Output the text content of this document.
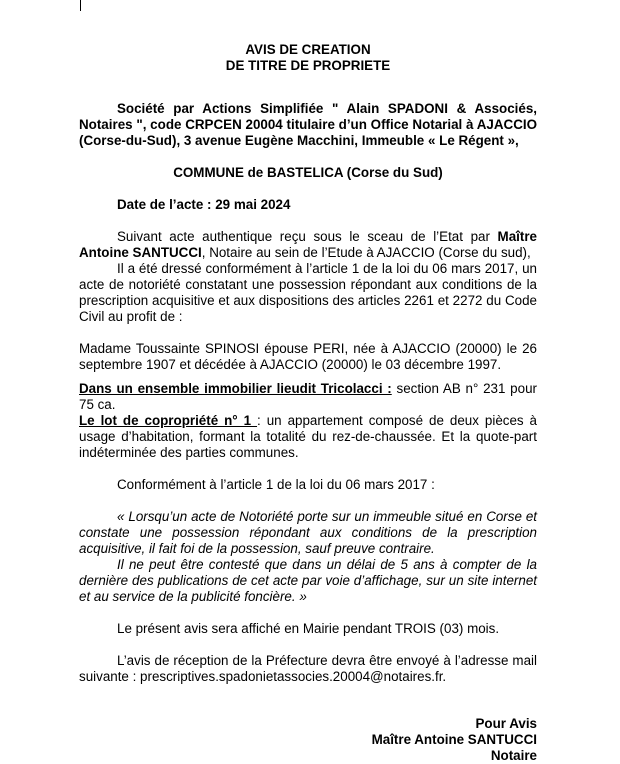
AVIS DE CREATION

DE TITRE DE PROPRIETE

Société par Actions Simplifiée " Alain SPADONI & Associés, Notaires ", code CRPCEN 20004 titulaire d’un Office Notarial à AJACCIO (Corse-du-Sud), 3 avenue Eugène Macchini, Immeuble « Le Régent »,

COMMUNE de BASTELICA (Corse du Sud)

Date de l’acte : 29 mai 2024

Suivant acte authentique reçu sous le sceau de l’Etat par Maître Antoine SANTUCCI, Notaire au sein de l’Etude à AJACCIO (Corse du sud),

Il a été dressé conformément à l’article 1 de la loi du 06 mars 2017, un acte de notoriété constatant une possession répondant aux conditions de la prescription acquisitive et aux dispositions des articles 2261 et 2272 du Code Civil au profit de :

Madame Toussainte SPINOSI épouse PERI, née à AJACCIO (20000) le 26 septembre 1907 et décédée à AJACCIO (20000) le 03 décembre 1997.

Dans un ensemble immobilier lieudit Tricolacci : section AB n° 231 pour 75 ca.

Le lot de copropriété n° 1 : un appartement composé de deux pièces à usage d’habitation, formant la totalité du rez-de-chaussée. Et la quote-part indéterminée des parties communes.

Conformément à l’article 1 de la loi du 06 mars 2017 :

« Lorsqu’un acte de Notoriété porte sur un immeuble situé en Corse et constate une possession répondant aux conditions de la prescription acquisitive, il fait foi de la possession, sauf preuve contraire.

Il ne peut être contesté que dans un délai de 5 ans à compter de la dernière des publications de cet acte par voie d’affichage, sur un site internet et au service de la publicité foncière. »

Le présent avis sera affiché en Mairie pendant TROIS (03) mois.

L’avis de réception de la Préfecture devra être envoyé à l’adresse mail suivante : prescriptives.spadonietassocies.20004@notaires.fr.

Pour Avis

Maître Antoine SANTUCCI

Notaire
